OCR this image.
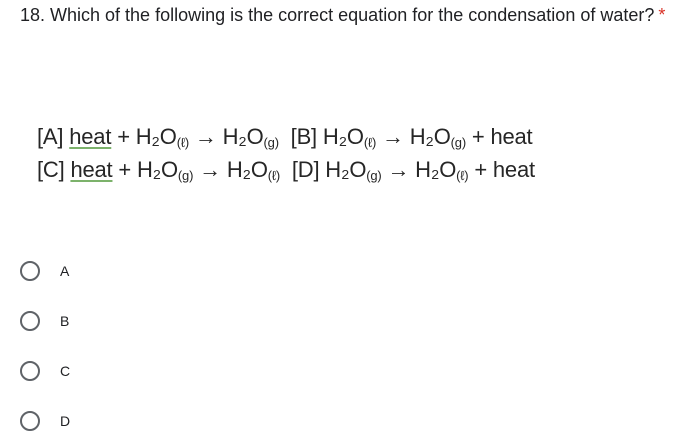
18. Which of the following is the correct equation for the condensation of water? *
[A] heat + H₂O(ℓ) → H₂O(g) [B] H₂O(ℓ) → H₂O(g) + heat
[C] heat + H₂O(g) → H₂O(ℓ) [D] H₂O(g) → H₂O(ℓ) + heat
A
B
C
D
